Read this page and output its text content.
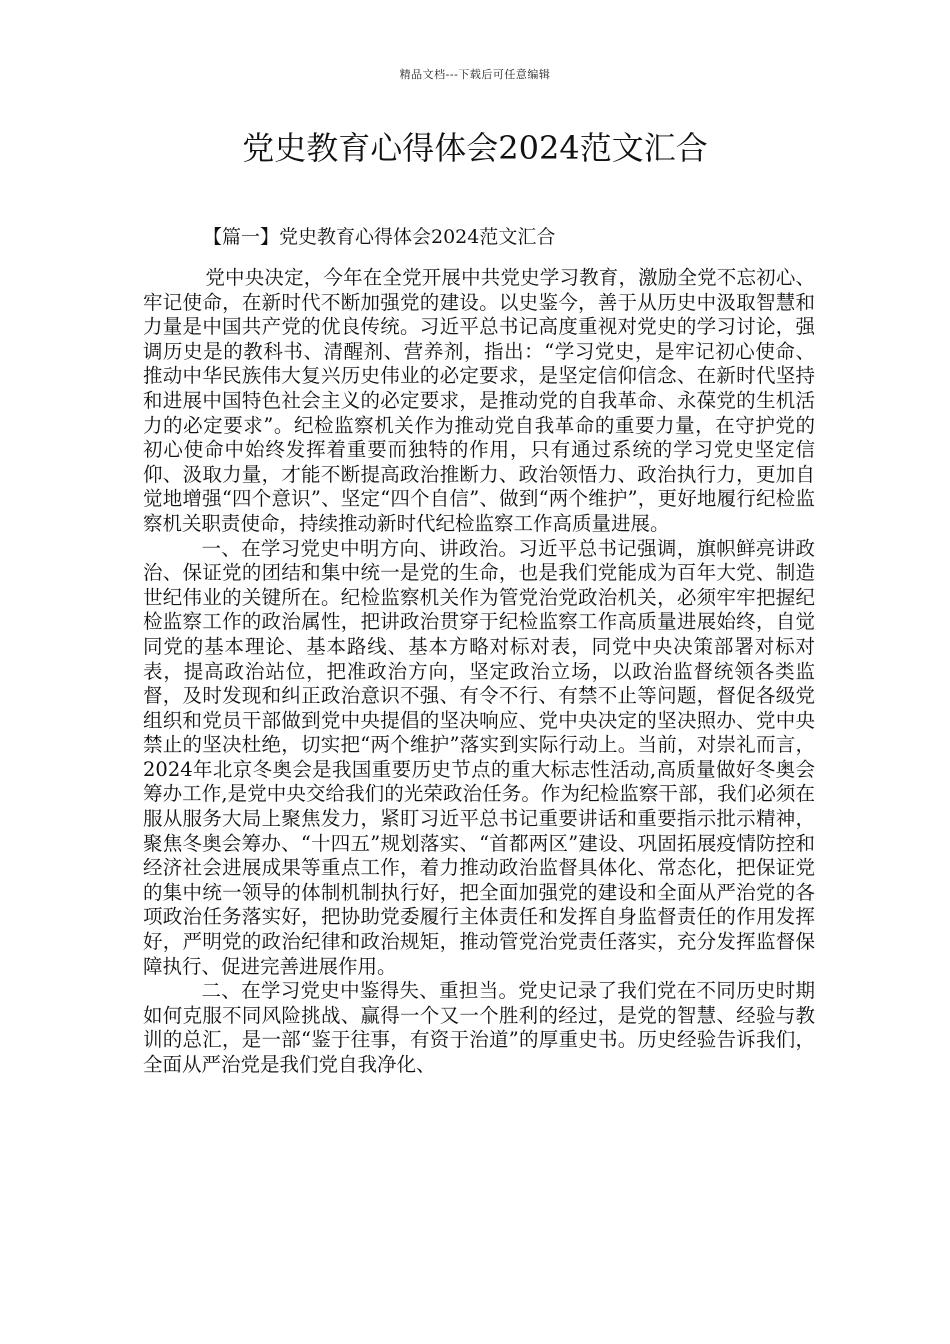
精品文档---下载后可任意编辑
党史教育心得体会2024范文汇合
【篇一】党史教育心得体会2024范文汇合

党中央决定，今年在全党开展中共党史学习教育，激励全党不忘初心、牢记使命，在新时代不断加强党的建设。以史鉴今，善于从历史中汲取智慧和力量是中国共产党的优良传统。习近平总书记高度重视对党史的学习讨论，强调历史是的教科书、清醒剂、营养剂，指出：“学习党史，是牢记初心使命、推动中华民族伟大复兴历史伟业的必定要求，是坚定信仰信念、在新时代坚持和进展中国特色社会主义的必定要求，是推动党的自我革命、永葆党的生机活力的必定要求”。纪检监察机关作为推动党自我革命的重要力量，在守护党的初心使命中始终发挥着重要而独特的作用，只有通过系统的学习党史坚定信仰、汲取力量，才能不断提高政治推断力、政治领悟力、政治执行力，更加自觉地增强“四个意识”、坚定“四个自信”、做到“两个维护”，更好地履行纪检监察机关职责使命，持续推动新时代纪检监察工作高质量进展。

一、在学习党史中明方向、讲政治。习近平总书记强调，旗帜鲜亮讲政治、保证党的团结和集中统一是党的生命，也是我们党能成为百年大党、制造世纪伟业的关键所在。纪检监察机关作为管党治党政治机关，必须牢牢把握纪检监察工作的政治属性，把讲政治贯穿于纪检监察工作高质量进展始终，自觉同党的基本理论、基本路线、基本方略对标对表，同党中央决策部署对标对表，提高政治站位，把准政治方向，坚定政治立场，以政治监督统领各类监督，及时发现和纠正政治意识不强、有令不行、有禁不止等问题，督促各级党组织和党员干部做到党中央提倡的坚决响应、党中央决定的坚决照办、党中央禁止的坚决杜绝，切实把“两个维护”落实到实际行动上。当前，对崇礼而言，2024年北京冬奥会是我国重要历史节点的重大标志性活动,高质量做好冬奥会筹办工作,是党中央交给我们的光荣政治任务。作为纪检监察干部，我们必须在服从服务大局上聚焦发力，紧盯习近平总书记重要讲话和重要指示批示精神，聚焦冬奥会筹办、“十四五”规划落实、“首都两区”建设、巩固拓展疫情防控和经济社会进展成果等重点工作，着力推动政治监督具体化、常态化，把保证党的集中统一领导的体制机制执行好，把全面加强党的建设和全面从严治党的各项政治任务落实好，把协助党委履行主体责任和发挥自身监督责任的作用发挥好，严明党的政治纪律和政治规矩，推动管党治党责任落实，充分发挥监督保障执行、促进完善进展作用。

二、在学习党史中鉴得失、重担当。党史记录了我们党在不同历史时期如何克服不同风险挑战、赢得一个又一个胜利的经过，是党的智慧、经验与教训的总汇，是一部“鉴于往事，有资于治道”的厚重史书。历史经验告诉我们，全面从严治党是我们党自我净化、
